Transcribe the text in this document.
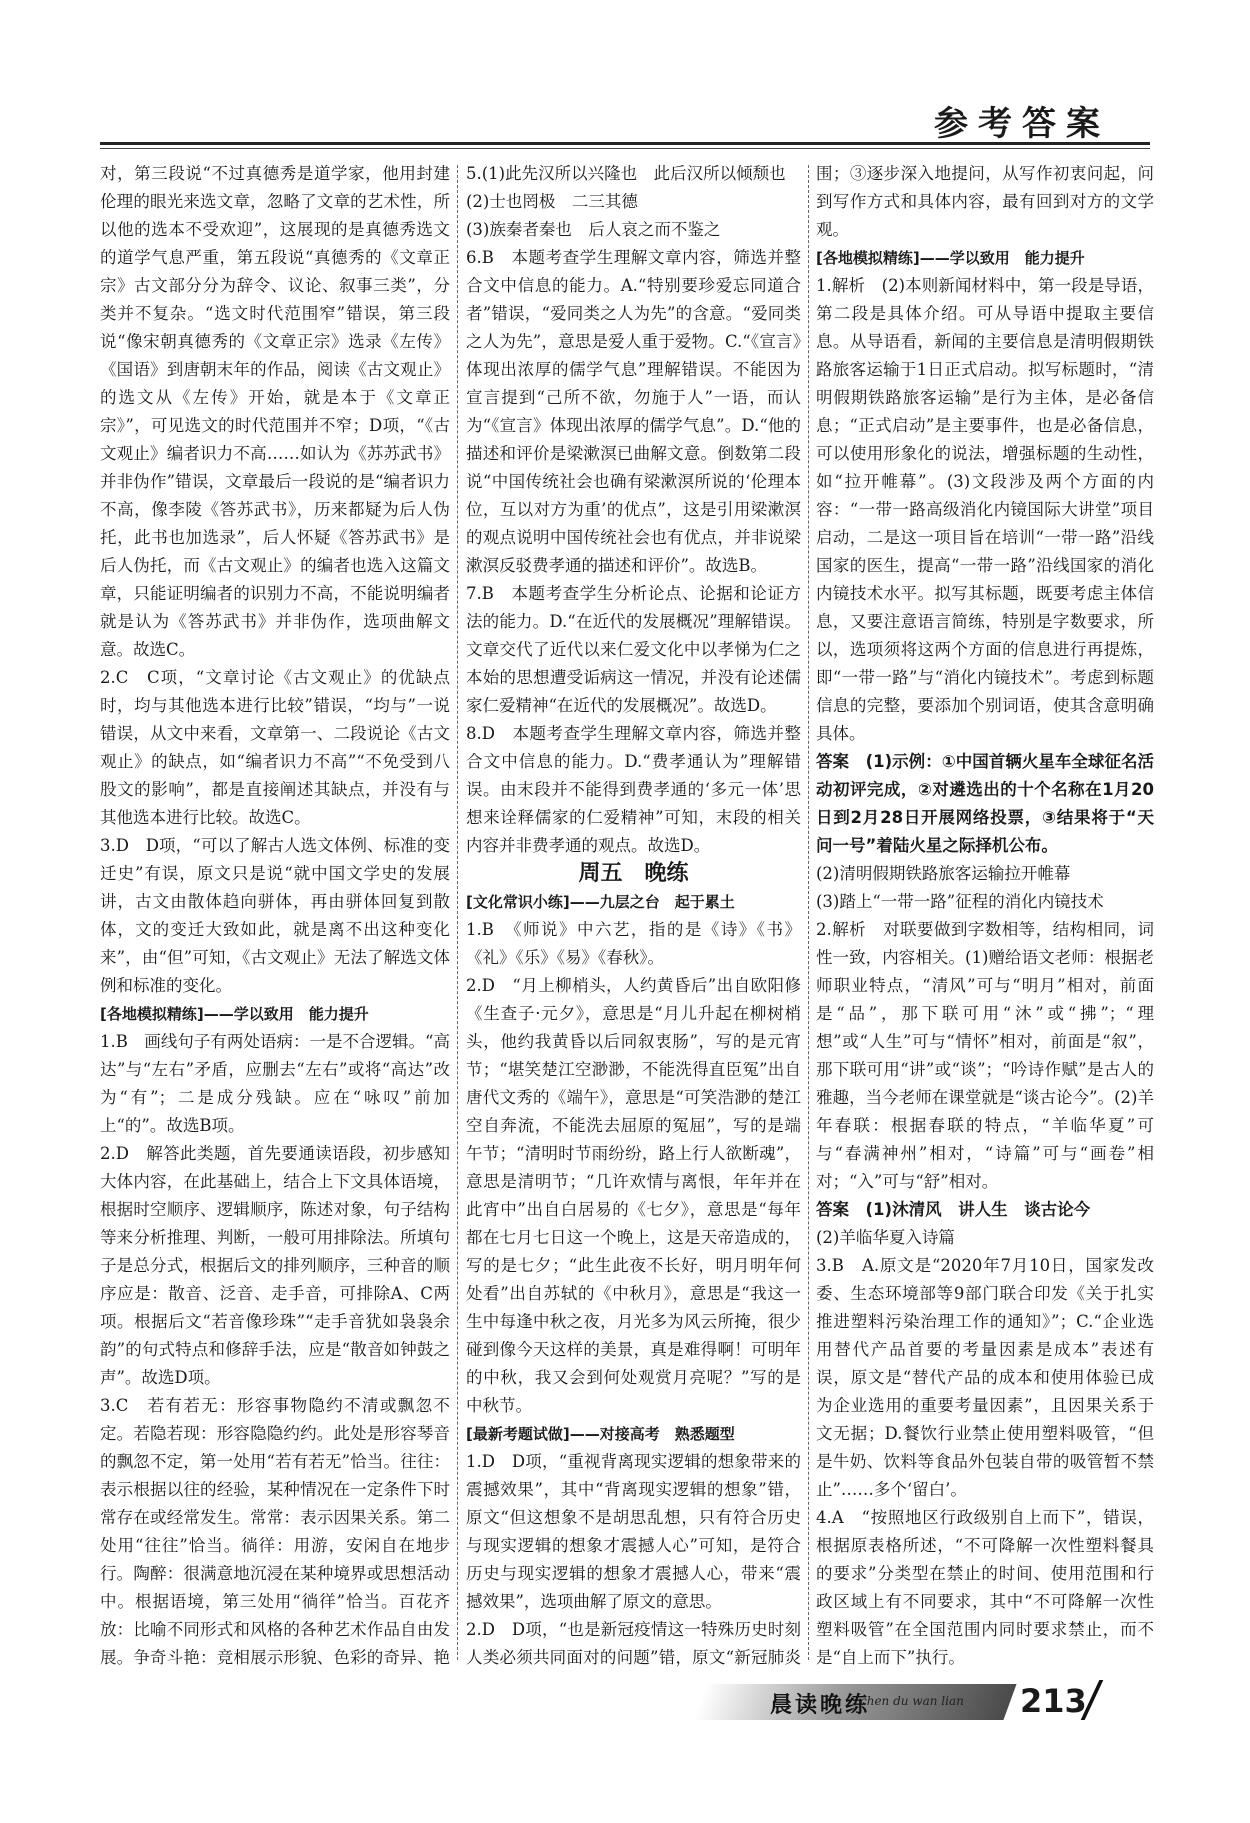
参考答案

对，第三段说“不过真德秀是道学家，他用封建伦理的眼光来选文章，忽略了文章的艺术性，所以他的选本不受欢迎”，这展现的是真德秀选文的道学气息严重，第五段说“真德秀的《文章正宗》古文部分分为辞令、议论、叙事三类”，分类并不复杂。“选文时代范围窄”错误，第三段说“像宋朝真德秀的《文章正宗》选录《左传》《国语》到唐朝末年的作品，阅读《古文观止》的选文从《左传》开始，就是本于《文章正宗》”，可见选文的时代范围并不窄；D项，“《古文观止》编者识力不高……如认为《苏苏武书》并非伪作”错误，文章最后一段说的是“编者识力不高，像李陵《答苏武书》，历来都疑为后人伪托，此书也加选录”，后人怀疑《答苏武书》是后人伪托，而《古文观止》的编者也选入这篇文章，只能证明编者的识别力不高，不能说明编者就是认为《答苏武书》并非伪作，选项曲解文意。故选C。

2.C　C项，“文章讨论《古文观止》的优缺点时，均与其他选本进行比较”错误，“均与”一说错误，从文中来看，文章第一、二段说论《古文观止》的缺点，如“编者识力不高”“不免受到八股文的影响”，都是直接阐述其缺点，并没有与其他选本进行比较。故选C。

3.D　D项，“可以了解古人选文体例、标准的变迁史”有误，原文只是说“就中国文学史的发展讲，古文由散体趋向骈体，再由骈体回复到散体，文的变迁大致如此，就是离不出这种变化来”，由“但”可知，《古文观止》无法了解选文体例和标准的变化。

[各地模拟精练]——学以致用　能力提升

1.B　画线句子有两处语病：一是不合逻辑。“高达”与“左右”矛盾，应删去“左右”或将“高达”改为“有”；二是成分残缺。应在“咏叹”前加上“的”。故选B项。

2.D　解答此类题，首先要通读语段，初步感知大体内容，在此基础上，结合上下文具体语境，根据时空顺序、逻辑顺序，陈述对象，句子结构等来分析推理、判断，一般可用排除法。所填句子是总分式，根据后文的排列顺序，三种音的顺序应是：散音、泛音、走手音，可排除A、C两项。根据后文“若音像珍珠”“走手音犹如袅袅余韵”的句式特点和修辞手法，应是“散音如钟鼓之声”。故选D项。

3.C　若有若无：形容事物隐约不清或飘忽不定。若隐若现：形容隐隐约约。此处是形容琴音的飘忽不定，第一处用“若有若无”恰当。往往：表示根据以往的经验，某种情况在一定条件下时常存在或经常发生。常常：表示因果关系。第二处用“往往”恰当。徜徉：用游，安闲自在地步行。陶醉：很满意地沉浸在某种境界或思想活动中。根据语境，第三处用“徜徉”恰当。百花齐放：比喻不同形式和风格的各种艺术作品自由发展。争奇斗艳：竞相展示形貌、色彩的奇异、艳

5.(1)此先汉所以兴隆也　此后汉所以倾颓也

(2)士也罔极　二三其德

(3)族秦者秦也　后人哀之而不鉴之

6.B　本题考查学生理解文章内容，筛选并整合文中信息的能力。A.“特别要珍爱忘同道合者”错误，“爱同类之人为先”的含意。“爱同类之人为先”，意思是爱人重于爱物。C.“《宣言》体现出浓厚的儒学气息”理解错误。不能因为宣言提到“己所不欲，勿施于人”一语，而认为“《宣言》体现出浓厚的儒学气息”。D.“他的描述和评价是梁漱溟已曲解文意。倒数第二段说“中国传统社会也确有梁漱溟所说的‘伦理本位，互以对方为重’的优点”，这是引用梁漱溟的观点说明中国传统社会也有优点，并非说梁漱溟反驳费孝通的描述和评价”。故选B。

7.B　本题考查学生分析论点、论据和论证方法的能力。D.“在近代的发展概况”理解错误。文章交代了近代以来仁爱文化中以孝悌为仁之本始的思想遭受诟病这一情况，并没有论述儒家仁爱精神“在近代的发展概况”。故选D。

8.D　本题考查学生理解文章内容，筛选并整合文中信息的能力。D.“费孝通认为”理解错误。由末段并不能得到费孝通的‘多元一体’思想来诠释儒家的仁爱精神”可知，末段的相关内容并非费孝通的观点。故选D。

周五　晚练

[文化常识小练]——九层之台　起于累土

1.B　《师说》中六艺，指的是《诗》《书》《礼》《乐》《易》《春秋》。

2.D　“月上柳梢头，人约黄昏后”出自欧阳修《生查子·元夕》，意思是“月儿升起在柳树梢头，他约我黄昏以后同叙衷肠”，写的是元宵节；“堪笑楚江空渺渺，不能洗得直臣冤”出自唐代文秀的《端午》，意思是“可笑浩渺的楚江空自奔流，不能洗去屈原的冤屈”，写的是端午节；“清明时节雨纷纷，路上行人欲断魂”，意思是清明节；“几许欢情与离恨，年年并在此宵中”出自白居易的《七夕》，意思是“每年都在七月七日这一个晚上，这是天帝造成的，写的是七夕；“此生此夜不长好，明月明年何处看”出自苏轼的《中秋月》，意思是“我这一生中每逢中秋之夜，月光多为风云所掩，很少碰到像今天这样的美景，真是难得啊！可明年的中秋，我又会到何处观赏月亮呢？”写的是中秋节。

[最新考题试做]——对接高考　熟悉题型

1.D　D项，“重视背离现实逻辑的想象带来的震撼效果”，其中“背离现实逻辑的想象”错，原文“但这想象不是胡思乱想，只有符合历史与现实逻辑的想象才震撼人心”可知，是符合历史与现实逻辑的想象才震撼人心，带来“震撼效果”，选项曲解了原文的意思。

2.D　D项，“也是新冠疫情这一特殊历史时刻人类必须共同面对的问题”错，原文“新冠肺炎

围；③逐步深入地提问，从写作初衷问起，问到写作方式和具体内容，最有回到对方的文学观。

[各地模拟精练]——学以致用　能力提升

1.解析　(2)本则新闻材料中，第一段是导语，第二段是具体介绍。可从导语中提取主要信息。从导语看，新闻的主要信息是清明假期铁路旅客运输于1日正式启动。拟写标题时，“清明假期铁路旅客运输”是行为主体，是必备信息；“正式启动”是主要事件，也是必备信息，可以使用形象化的说法，增强标题的生动性，如“拉开帷幕”。(3)文段涉及两个方面的内容：“一带一路高级消化内镜国际大讲堂”项目启动，二是这一项目旨在培训“一带一路”沿线国家的医生，提高“一带一路”沿线国家的消化内镜技术水平。拟写其标题，既要考虑主体信息，又要注意语言简练，特别是字数要求，所以，选项须将这两个方面的信息进行再提炼，即“一带一路”与“消化内镜技术”。考虑到标题信息的完整，要添加个别词语，使其含意明确具体。

答案　(1)示例：①中国首辆火星车全球征名活动初评完成，②对遴选出的十个名称在1月20日到2月28日开展网络投票，③结果将于“天问一号”着陆火星之际择机公布。

(2)清明假期铁路旅客运输拉开帷幕

(3)踏上“一带一路”征程的消化内镜技术

2.解析　对联要做到字数相等，结构相同，词性一致，内容相关。(1)赠给语文老师：根据老师职业特点，“清风”可与“明月”相对，前面是“品”，那下联可用“沐”或“拂”；“理想”或“人生”可与“情怀”相对，前面是“叙”，那下联可用“讲”或“谈”；“吟诗作赋”是古人的雅趣，当今老师在课堂就是“谈古论今”。(2)羊年春联：根据春联的特点，“羊临华夏”可与“春满神州”相对，“诗篇”可与“画卷”相对；“入”可与“舒”相对。

答案　(1)沐清风　讲人生　谈古论今

(2)羊临华夏入诗篇

3.B　A.原文是“2020年7月10日，国家发改委、生态环境部等9部门联合印发《关于扎实推进塑料污染治理工作的通知》”；C.“企业选用替代产品首要的考量因素是成本”表述有误，原文是“替代产品的成本和使用体验已成为企业选用的重要考量因素”，且因果关系于文无据；D.餐饮行业禁止使用塑料吸管，“但是牛奶、饮料等食品外包装自带的吸管暂不禁止”……多个‘留白’。

4.A　“按照地区行政级别自上而下”，错误，根据原表格所述，“不可降解一次性塑料餐具的要求”分类型在禁止的时间、使用范围和行政区域上有不同要求，其中“不可降解一次性塑料吸管”在全国范围内同时要求禁止，而不是“自上而下”执行。

晨读晚练
chen du wan lian 213
